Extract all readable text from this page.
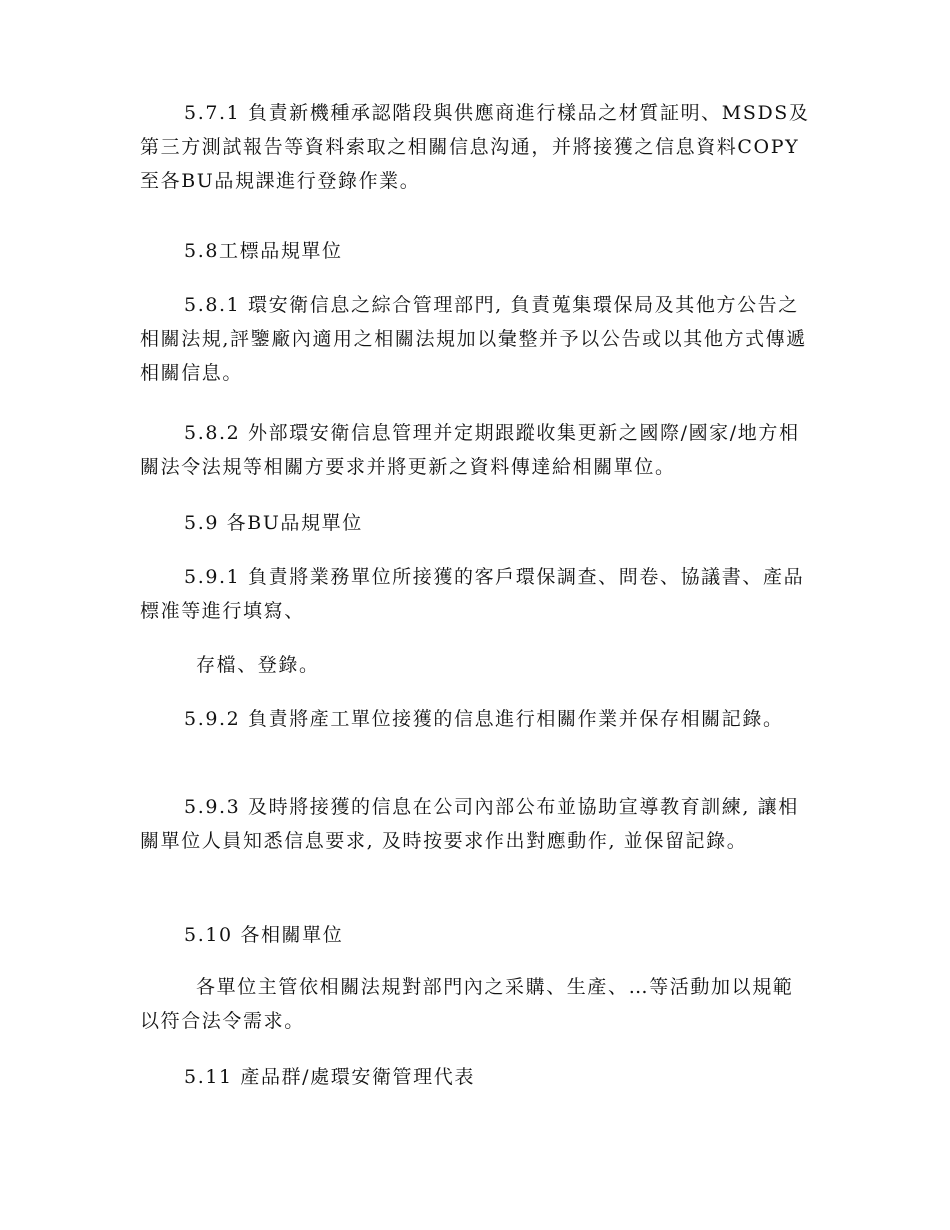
5.7.1 負責新機種承認階段與供應商進行樣品之材質証明、MSDS及第三方測試報告等資料索取之相關信息沟通，并將接獲之信息資料COPY至各BU品規課進行登錄作業。

5.8工標品規單位

5.8.1 環安衛信息之綜合管理部門, 負責蒐集環保局及其他方公告之相關法規,評鑒廠內適用之相關法規加以彙整并予以公告或以其他方式傳遞相關信息。

5.8.2 外部環安衛信息管理并定期跟蹤收集更新之國際/國家/地方相關法令法規等相關方要求并將更新之資料傳達給相關單位。

5.9 各BU品規單位

5.9.1 負責將業務單位所接獲的客戶環保調查、問卷、協議書、產品標准等進行填寫、

存檔、登錄。

5.9.2 負責將產工單位接獲的信息進行相關作業并保存相關記錄。

5.9.3 及時將接獲的信息在公司內部公布並協助宣導教育訓練, 讓相關單位人員知悉信息要求, 及時按要求作出對應動作, 並保留記錄。

5.10 各相關單位

各單位主管依相關法規對部門內之采購、生產、…等活動加以規範以符合法令需求。

5.11 產品群/處環安衛管理代表
